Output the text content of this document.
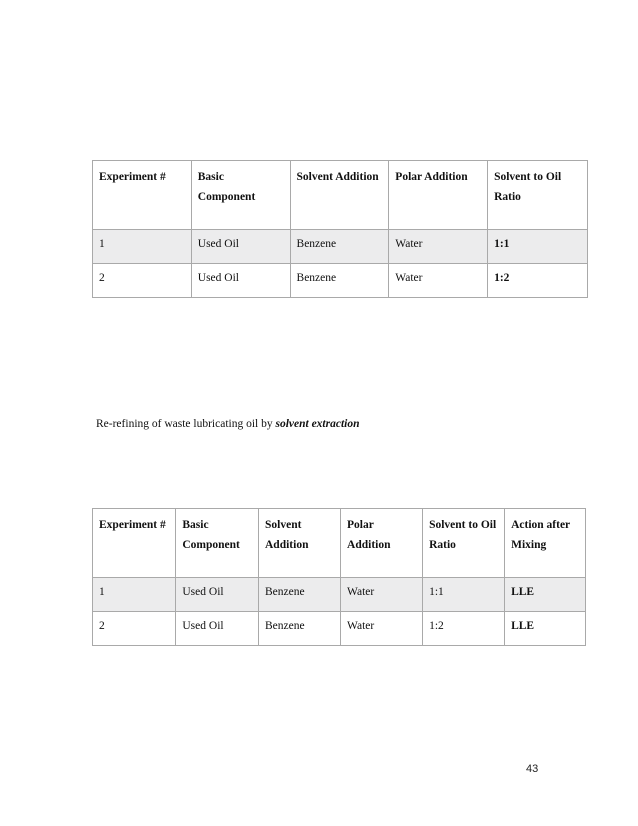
Experiment #	Basic Component	Solvent Addition	Polar Addition	Solvent to Oil Ratio
1	Used Oil	Benzene	Water	1:1
2	Used Oil	Benzene	Water	1:2
Re-refining of waste lubricating oil by solvent extraction
Experiment #	Basic Component	Solvent Addition	Polar Addition	Solvent to Oil Ratio	Action after Mixing
1	Used Oil	Benzene	Water	1:1	LLE
2	Used Oil	Benzene	Water	1:2	LLE
43
